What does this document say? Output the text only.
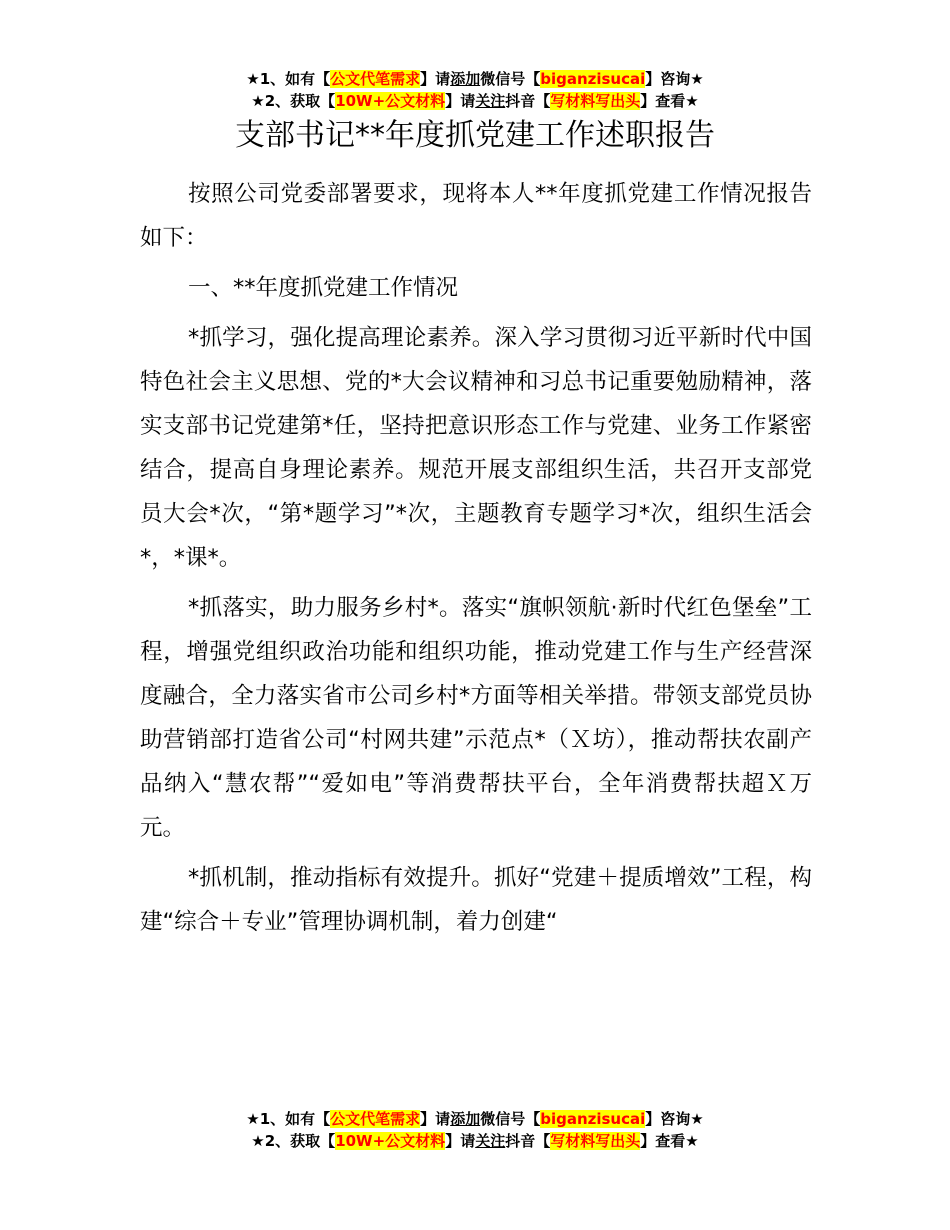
★1、如有【公文代笔需求】请添加微信号【biganzisucai】咨询★
★2、获取【10W+公文材料】请关注抖音【写材料写出头】查看★
支部书记**年度抓党建工作述职报告

按照公司党委部署要求，现将本人**年度抓党建工作情况报告如下：

一、**年度抓党建工作情况

*抓学习，强化提高理论素养。深入学习贯彻习近平新时代中国特色社会主义思想、党的*大会议精神和习总书记重要勉励精神，落实支部书记党建第*任，坚持把意识形态工作与党建、业务工作紧密结合，提高自身理论素养。规范开展支部组织生活，共召开支部党员大会*次，“第*题学习”*次，主题教育专题学习*次，组织生活会*，*课*。

*抓落实，助力服务乡村*。落实“旗帜领航·新时代红色堡垒”工程，增强党组织政治功能和组织功能，推动党建工作与生产经营深度融合，全力落实省市公司乡村*方面等相关举措。带领支部党员协助营销部打造省公司“村网共建”示范点*（Ｘ坊），推动帮扶农副产品纳入“慧农帮”“爱如电”等消费帮扶平台，全年消费帮扶超Ｘ万元。

*抓机制，推动指标有效提升。抓好“党建＋提质增效”工程，构建“综合＋专业”管理协调机制，着力创建“

★1、如有【公文代笔需求】请添加微信号【biganzisucai】咨询★
★2、获取【10W+公文材料】请关注抖音【写材料写出头】查看★
